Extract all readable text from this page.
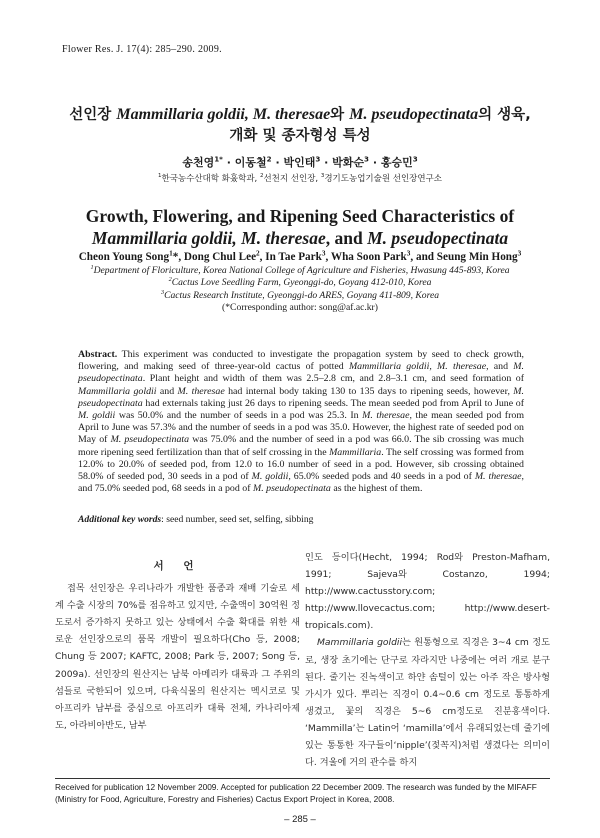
Flower Res. J. 17(4): 285–290. 2009.
선인장 Mammillaria goldii, M. theresae와 M. pseudopectinata의 생육,
개화 및 종자형성 특성
송천영$^{1*}$ · 이동철$^2$ · 박인태$^3$ · 박화순$^3$ · 홍승민$^3$
$^1$한국농수산대학 화훘학과, $^2$선천지 선인장, $^3$경기도농업기술원 선인장연구소
Growth, Flowering, and Ripening Seed Characteristics of Mammillaria goldii, M. theresae, and M. pseudopectinata
Cheon Young Song$^1$*, Dong Chul Lee$^2$, In Tae Park$^3$, Wha Soon Park$^3$, and Seung Min Hong$^3$
$^1$Department of Floriculture, Korea National College of Agriculture and Fisheries, Hwasung 445-893, Korea
$^2$Cactus Love Seedling Farm, Gyeonggi-do, Goyang 412-010, Korea
$^3$Cactus Research Institute, Gyeonggi-do ARES, Goyang 411-809, Korea
(*Corresponding author: song@af.ac.kr)
Abstract. This experiment was conducted to investigate the propagation system by seed to check growth, flowering, and making seed of three-year-old cactus of potted Mammillaria goldii, M. theresae, and M. pseudopectinata. Plant height and width of them was 2.5–2.8 cm, and 2.8–3.1 cm, and seed formation of Mammillaria goldii and M. theresae had internal body taking 130 to 135 days to ripening seeds, however, M. pseudopectinata had externals taking just 26 days to ripening seeds. The mean seeded pod from April to June of M. goldii was 50.0% and the number of seeds in a pod was 25.3. In M. theresae, the mean seeded pod from April to June was 57.3% and the number of seeds in a pod was 35.0. However, the highest rate of seeded pod on May of M. pseudopectinata was 75.0% and the number of seed in a pod was 66.0. The sib crossing was much more ripening seed fertilization than that of self crossing in the Mammillaria. The self crossing was formed from 12.0% to 20.0% of seeded pod, from 12.0 to 16.0 number of seed in a pod. However, sib crossing obtained 58.0% of seeded pod, 30 seeds in a pod of M. goldii, 65.0% seeded pods and 40 seeds in a pod of M. theresae, and 75.0% seeded pod, 68 seeds in a pod of M. pseudopectinata as the highest of them.
Additional key words: seed number, seed set, selfing, sibbing
서 언

접목 선인장은 우리나라가 개발한 품종과 재배 기술로 세계 수출 시장의 70%를 점유하고 있지만, 수출액이 30억원 정도로서 증가하지 못하고 있는 상태에서 수출 확대를 위한 새로운 선인장으로의 품목 개발이 필요하다(Cho 등, 2008; Chung 등 2007; KAFTC, 2008; Park 등, 2007; Song 등, 2009a). 선인장의 원산지는 남북 아메리카 대륙과 그 주위의 섬들로 국한되어 있으며, 다육식물의 원산지는 멕시코로 및 아프리카 남부를 중심으로 아프리카 대륙 전체, 카나리아제도, 아라비아반도, 남부

인도 등이다(Hecht, 1994; Rod와 Preston-Mafham, 1991; Sajeva와 Costanzo, 1994; http://www.cactusstory.com; http://www.llovecactus.com; http://www.desert-tropicals.com).

Mammillaria goldii는 원통형으로 직경은 3~4 cm 정도로, 생장 초기에는 단구로 자라지만 나중에는 여러 개로 분구된다. 줄기는 진녹색이고 하얀 솜털이 있는 아주 작은 방사형 가시가 있다. 뿌리는 직경이 0.4~0.6 cm 정도로 통통하게 생겼고, 꽃의 직경은 5~6 cm정도로 진분홍색이다. ‘Mammilla’는 Latin어 ‘mamilla’에서 유래되었는데 줄기에 있는 통통한 자구들이‘nipple’(젖꼭지)처럼 생겼다는 의미이다. 겨울에 거의 관수를 하지

Received for publication 12 November 2009. Accepted for publication 22 December 2009. The research was funded by the MIFAFF (Ministry for Food, Agriculture, Forestry and Fisheries) Cactus Export Project in Korea, 2008.
– 285 –
